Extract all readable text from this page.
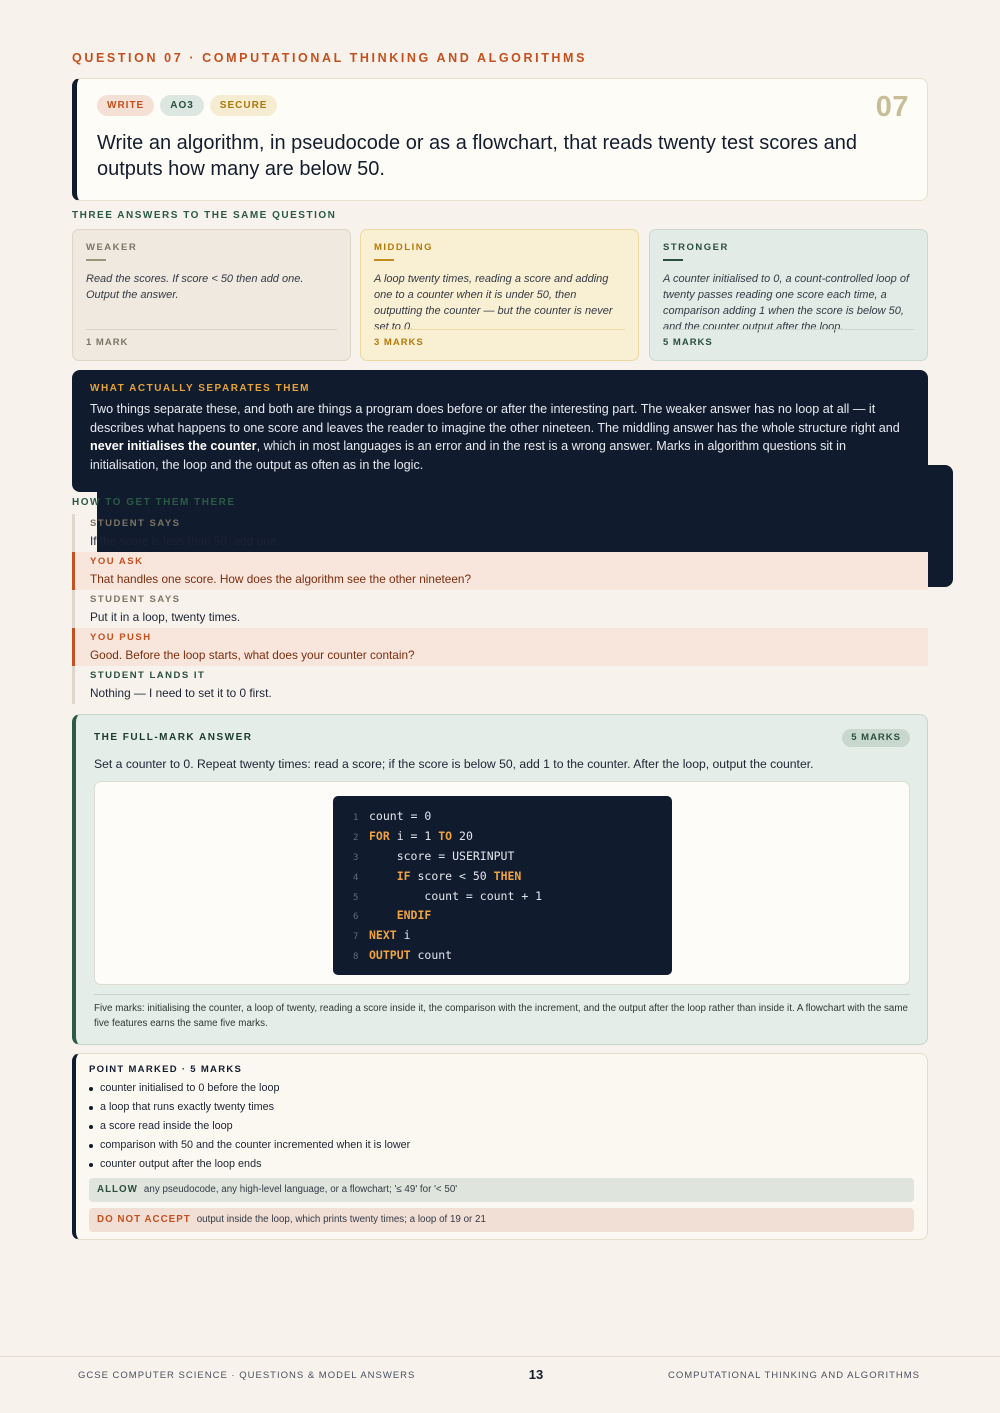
QUESTION 07 · COMPUTATIONAL THINKING AND ALGORITHMS
WRITE	AO3	SECURE	07
Write an algorithm, in pseudocode or as a flowchart, that reads twenty test scores and outputs how many are below 50.
THREE ANSWERS TO THE SAME QUESTION
WEAKER
Read the scores. If score < 50 then add one. Output the answer.
1 MARK
MIDDLING
A loop twenty times, reading a score and adding one to a counter when it is under 50, then outputting the counter — but the counter is never set to 0.
3 MARKS
STRONGER
A counter initialised to 0, a count-controlled loop of twenty passes reading one score each time, a comparison adding 1 when the score is below 50, and the counter output after the loop.
5 MARKS
WHAT ACTUALLY SEPARATES THEM
Two things separate these, and both are things a program does before or after the interesting part. The weaker answer has no loop at all — it describes what happens to one score and leaves the reader to imagine the other nineteen. The middling answer has the whole structure right and never initialises the counter, which in most languages is an error and in the rest is a wrong answer. Marks in algorithm questions sit in initialisation, the loop and the output as often as in the logic.
HOW TO GET THEM THERE
STUDENT SAYS
If the score is less than 50, add one.
YOU ASK
That handles one score. How does the algorithm see the other nineteen?
STUDENT SAYS
Put it in a loop, twenty times.
YOU PUSH
Good. Before the loop starts, what does your counter contain?
STUDENT LANDS IT
Nothing — I need to set it to 0 first.
THE FULL-MARK ANSWER	5 MARKS
Set a counter to 0. Repeat twenty times: read a score; if the score is below 50, add 1 to the counter. After the loop, output the counter.
1 count = 0
2 FOR i = 1 TO 20
3	score = USERINPUT
4	IF score < 50 THEN
5	count = count + 1
6	ENDIF
7 NEXT i
8 OUTPUT count
Five marks: initialising the counter, a loop of twenty, reading a score inside it, the comparison with the increment, and the output after the loop rather than inside it. A flowchart with the same five features earns the same five marks.
POINT MARKED · 5 MARKS
counter initialised to 0 before the loop
a loop that runs exactly twenty times
a score read inside the loop
comparison with 50 and the counter incremented when it is lower
counter output after the loop ends
ALLOW any pseudocode, any high-level language, or a flowchart; '≤ 49' for '< 50'
DO NOT ACCEPT output inside the loop, which prints twenty times; a loop of 19 or 21
GCSE COMPUTER SCIENCE · QUESTIONS & MODEL ANSWERS	13	COMPUTATIONAL THINKING AND ALGORITHMS
